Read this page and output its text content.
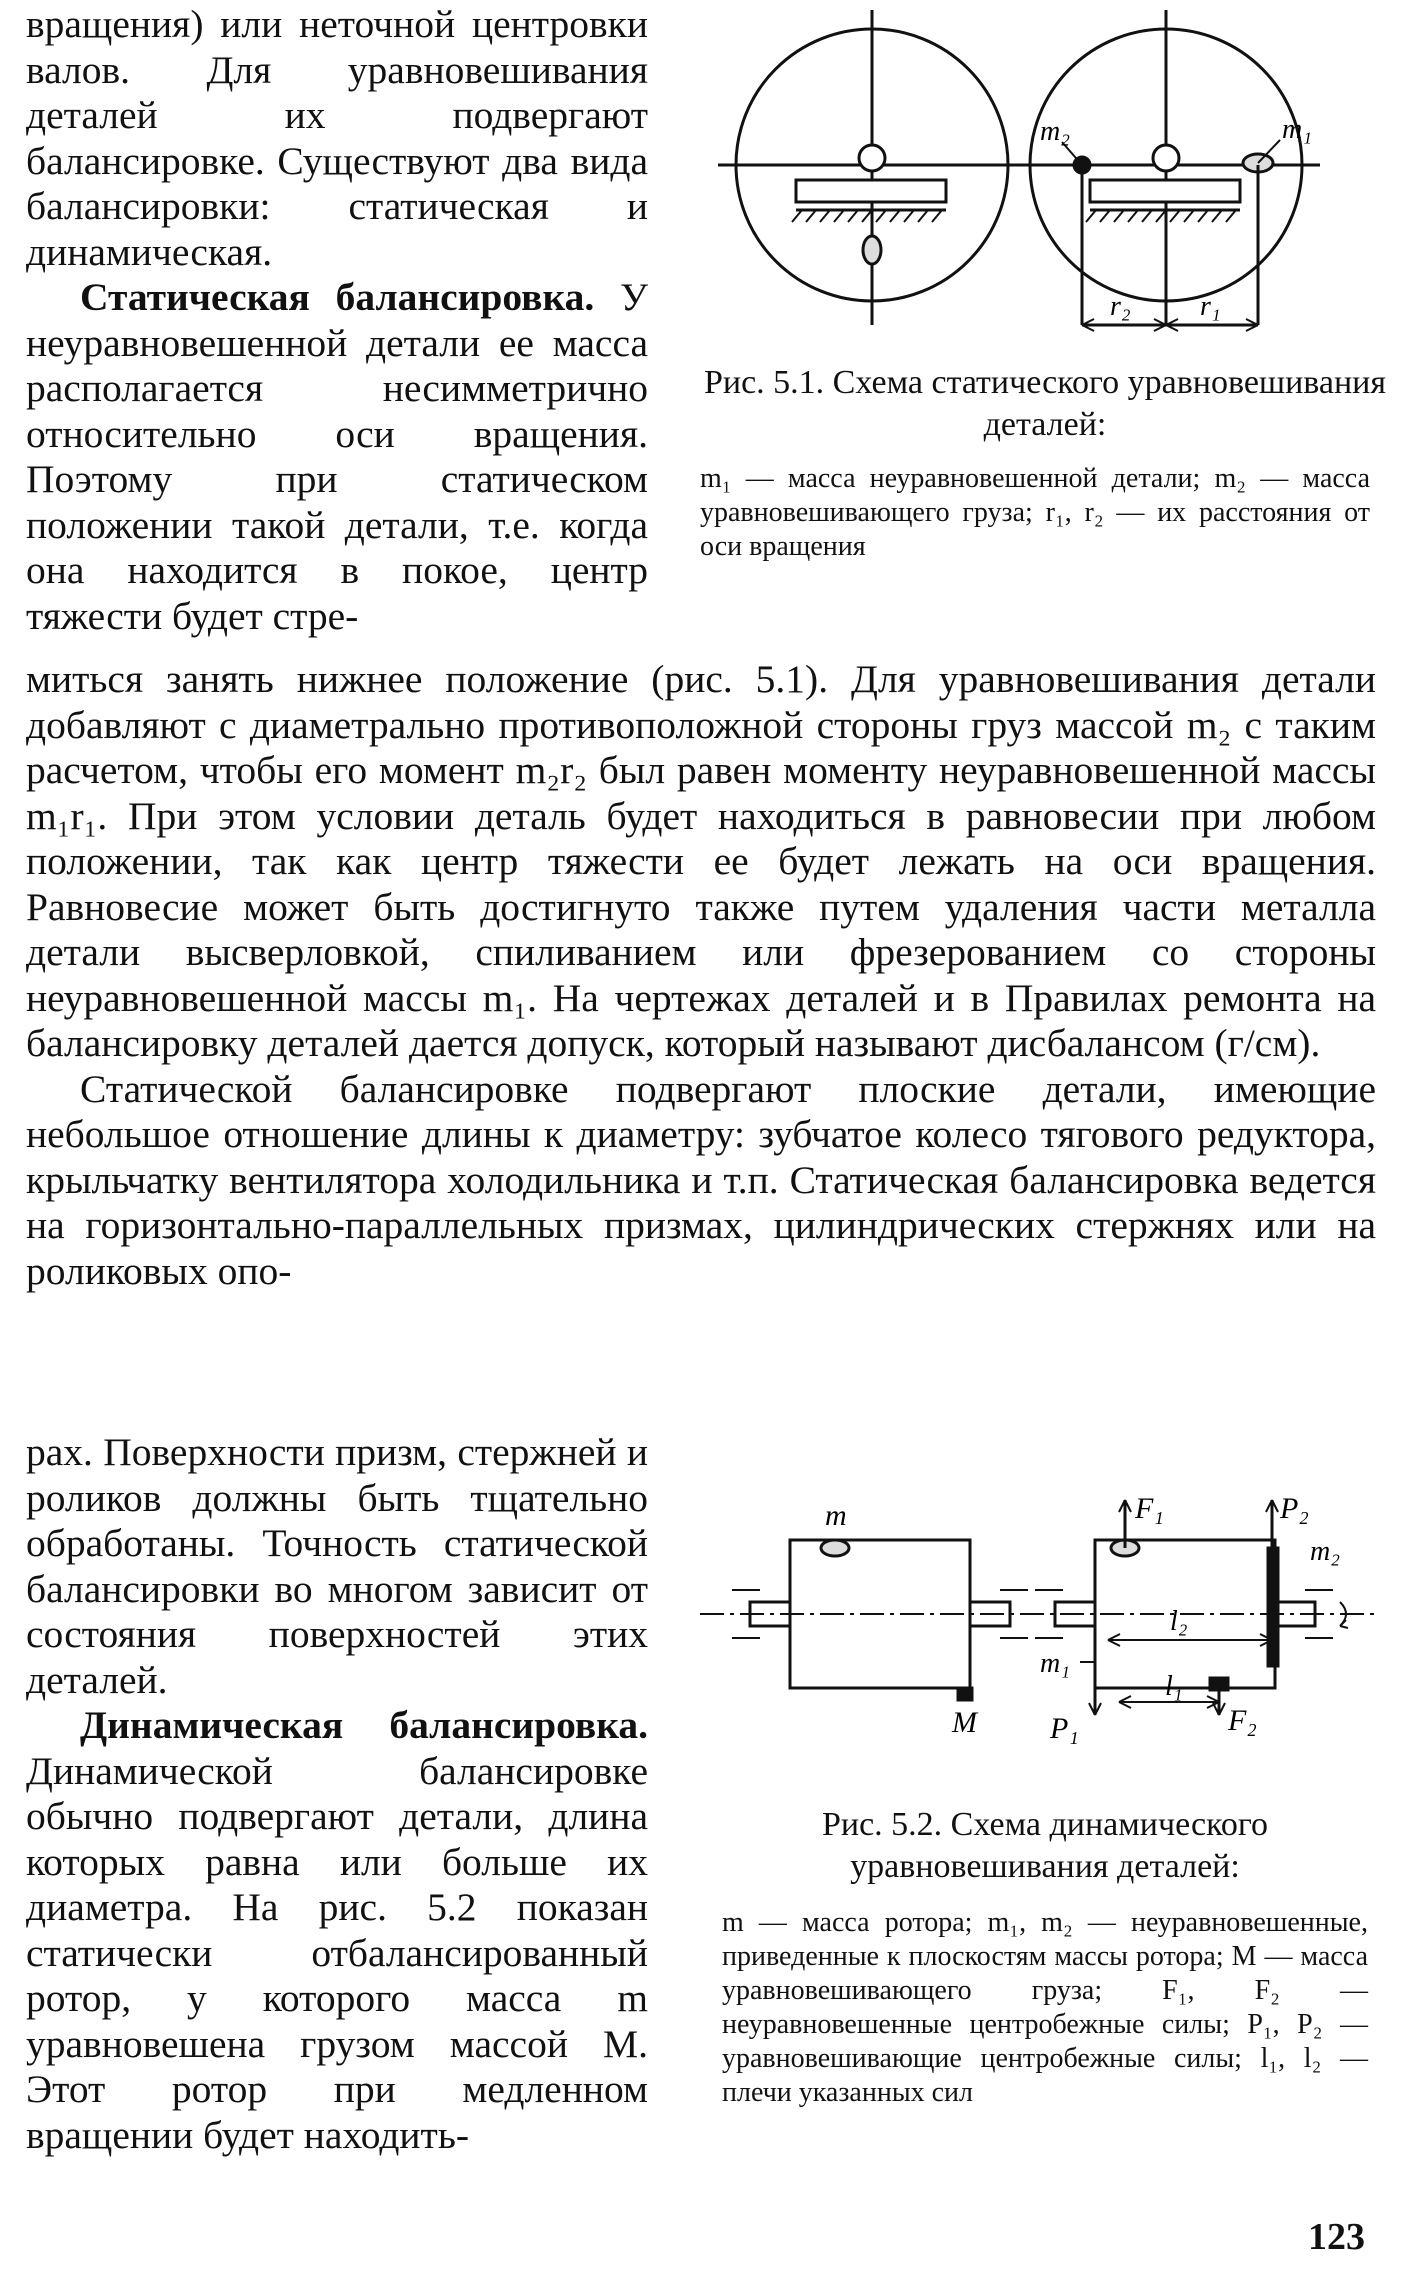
вращения) или неточной центровки валов. Для уравновешивания деталей их подвергают балансировке. Существуют два вида балансировки: статическая и динамическая.

Статическая балансировка. У неуравновешенной детали ее масса располагается несимметрично относительно оси вращения. Поэтому при статическом положении такой детали, т.е. когда она находится в покое, центр тяжести будет стре-

m₂	m₁
r₂ r₁
Рис. 5.1. Схема статического уравновешивания деталей:
m₁ — масса неуравновешенной детали; m₂ — масса уравновешивающего груза; r₁, r₂ — их расстояния от оси вращения

миться занять нижнее положение (рис. 5.1). Для уравновешивания детали добавляют с диаметрально противоположной стороны груз массой m₂ с таким расчетом, чтобы его момент m₂r₂ был равен моменту неуравновешенной массы m₁r₁. При этом условии деталь будет находиться в равновесии при любом положении, так как центр тяжести ее будет лежать на оси вращения. Равновесие может быть достигнуто также путем удаления части металла детали высверловкой, спиливанием или фрезерованием со стороны неуравновешенной массы m₁. На чертежах деталей и в Правилах ремонта на балансировку деталей дается допуск, который называют дисбалансом (г/см).

Статической балансировке подвергают плоские детали, имеющие небольшое отношение длины к диаметру: зубчатое колесо тягового редуктора, крыльчатку вентилятора холодильника и т.п. Статическая балансировка ведется на горизонтально-параллельных призмах, цилиндрических стержнях или на роликовых опо-

рах. Поверхности призм, стержней и роликов должны быть тщательно обработаны. Точность статической балансировки во многом зависит от состояния поверхностей этих деталей.

Динамическая балансировка. Динамической балансировке обычно подвергают детали, длина которых равна или больше их диаметра. На рис. 5.2 показан статически отбалансированный ротор, у которого масса m уравновешена грузом массой M. Этот ротор при медленном вращении будет находить-

m
M
F₁	P₂
m₂
m₁
l₂
l₁
P₁	F₂
Рис. 5.2. Схема динамического уравновешивания деталей:
m — масса ротора; m₁, m₂ — неуравновешенные, приведенные к плоскостям массы ротора; M — масса уравновешивающего груза; F₁, F₂ — неуравновешенные центробежные силы; P₁, P₂ — уравновешивающие центробежные силы; l₁, l₂ — плечи указанных сил
123
